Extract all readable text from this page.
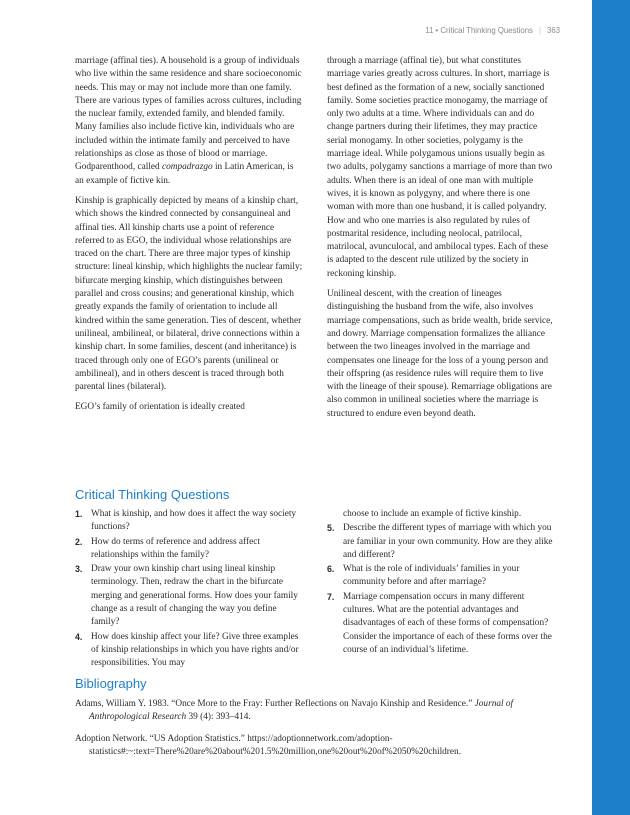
11 • Critical Thinking Questions | 363

marriage (affinal ties). A household is a group of individuals who live within the same residence and share socioeconomic needs. This may or may not include more than one family. There are various types of families across cultures, including the nuclear family, extended family, and blended family. Many families also include fictive kin, individuals who are included within the intimate family and perceived to have relationships as close as those of blood or marriage. Godparenthood, called compadrazgo in Latin American, is an example of fictive kin.

Kinship is graphically depicted by means of a kinship chart, which shows the kindred connected by consanguineal and affinal ties. All kinship charts use a point of reference referred to as EGO, the individual whose relationships are traced on the chart. There are three major types of kinship structure: lineal kinship, which highlights the nuclear family; bifurcate merging kinship, which distinguishes between parallel and cross cousins; and generational kinship, which greatly expands the family of orientation to include all kindred within the same generation. Ties of descent, whether unilineal, ambilineal, or bilateral, drive connections within a kinship chart. In some families, descent (and inheritance) is traced through only one of EGO’s parents (unilineal or ambilineal), and in others descent is traced through both parental lines (bilateral).

EGO’s family of orientation is ideally created

through a marriage (affinal tie), but what constitutes marriage varies greatly across cultures. In short, marriage is best defined as the formation of a new, socially sanctioned family. Some societies practice monogamy, the marriage of only two adults at a time. Where individuals can and do change partners during their lifetimes, they may practice serial monogamy. In other societies, polygamy is the marriage ideal. While polygamous unions usually begin as two adults, polygamy sanctions a marriage of more than two adults. When there is an ideal of one man with multiple wives, it is known as polygyny, and where there is one woman with more than one husband, it is called polyandry. How and who one marries is also regulated by rules of postmarital residence, including neolocal, patrilocal, matrilocal, avunculocal, and ambilocal types. Each of these is adapted to the descent rule utilized by the society in reckoning kinship.

Unilineal descent, with the creation of lineages distinguishing the husband from the wife, also involves marriage compensations, such as bride wealth, bride service, and dowry. Marriage compensation formalizes the alliance between the two lineages involved in the marriage and compensates one lineage for the loss of a young person and their offspring (as residence rules will require them to live with the lineage of their spouse). Remarriage obligations are also common in unilineal societies where the marriage is structured to endure even beyond death.

Critical Thinking Questions
1. What is kinship, and how does it affect the way society functions?
2. How do terms of reference and address affect relationships within the family?
3. Draw your own kinship chart using lineal kinship terminology. Then, redraw the chart in the bifurcate merging and generational forms. How does your family change as a result of changing the way you define family?
4. How does kinship affect your life? Give three examples of kinship relationships in which you have rights and/or responsibilities. You may
choose to include an example of fictive kinship.
5. Describe the different types of marriage with which you are familiar in your own community. How are they alike and different?
6. What is the role of individuals’ families in your community before and after marriage?
7. Marriage compensation occurs in many different cultures. What are the potential advantages and disadvantages of each of these forms of compensation? Consider the importance of each of these forms over the course of an individual’s lifetime.
Bibliography

Adams, William Y. 1983. “Once More to the Fray: Further Reflections on Navajo Kinship and Residence.” Journal of Anthropological Research 39 (4): 393–414.

Adoption Network. “US Adoption Statistics.” https://adoptionnetwork.com/adoption-statistics#:~:text=There%20are%20about%201.5%20million,one%20out%20of%2050%20children.
